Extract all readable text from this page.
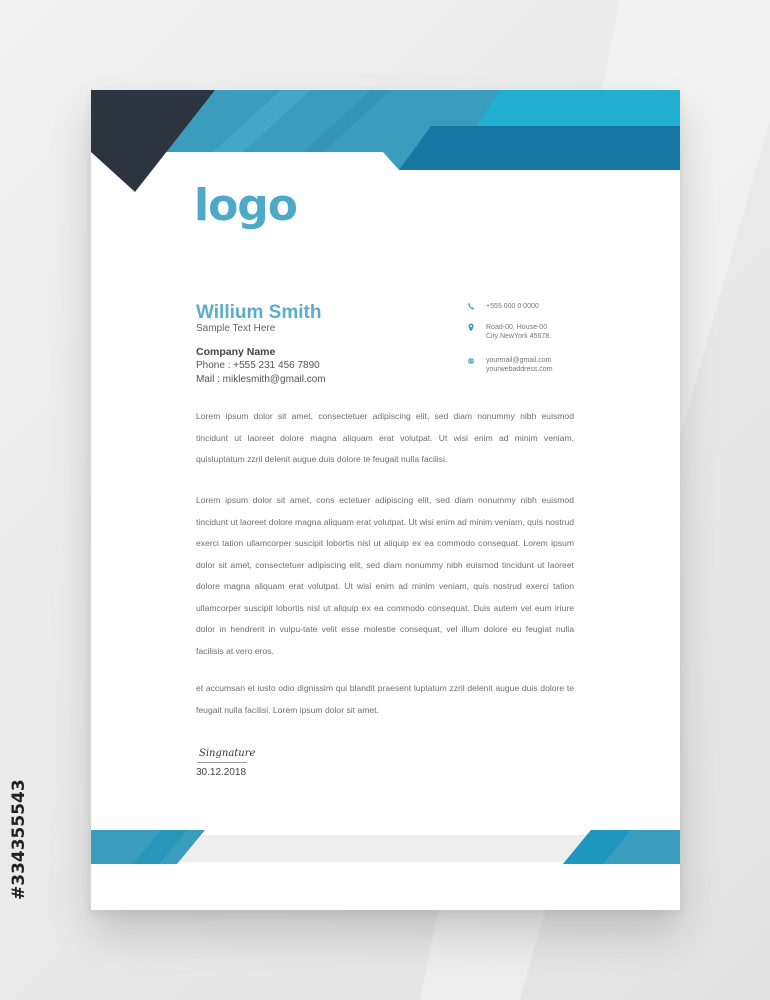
#334355543
logo
Willium Smith
Sample Text Here
Company Name
Phone : +555 231 456 7890
Mail : miklesmith@gmail.com
+555 000 0 0000
Road-00, House-00
City NewYork 45678.
yourmail@gmail.com
yourwebaddress.com

Lorem ipsum dolor sit amet, consectetuer adipiscing elit, sed diam nonummy nibh euismod tincidunt ut laoreet dolore magna aliquam erat volutpat. Ut wisi enim ad minim veniam, quisluptatum zzril delenit augue duis dolore te feugait nulla facilisi.

Lorem ipsum dolor sit amet, cons ectetuer adipiscing elit, sed diam nonummy nibh euismod tincidunt ut laoreet dolore magna aliquam erat volutpat. Ut wisi enim ad minim veniam, quis nostrud exerci tation ullamcorper suscipit lobortis nisl ut aliquip ex ea commodo consequat. Lorem ipsum dolor sit amet, consectetuer adipiscing elit, sed diam nonummy nibh euismod tincidunt ut laoreet dolore magna aliquam erat volutpat. Ut wisi enim ad minim veniam, quis nostrud exerci tation ullamcorper suscipit lobortis nisl ut aliquip ex ea commodo consequat. Duis autem vel eum iriure dolor in hendrerit in vulpu-tate velit esse molestie consequat, vel illum dolore eu feugiat nulla facilisis at vero eros.

et accumsan et iusto odio dignissim qui blandit praesent luptatum zzril delenit augue duis dolore te feugait nulla facilisi. Lorem ipsum dolor sit amet.

Singnature
30.12.2018
